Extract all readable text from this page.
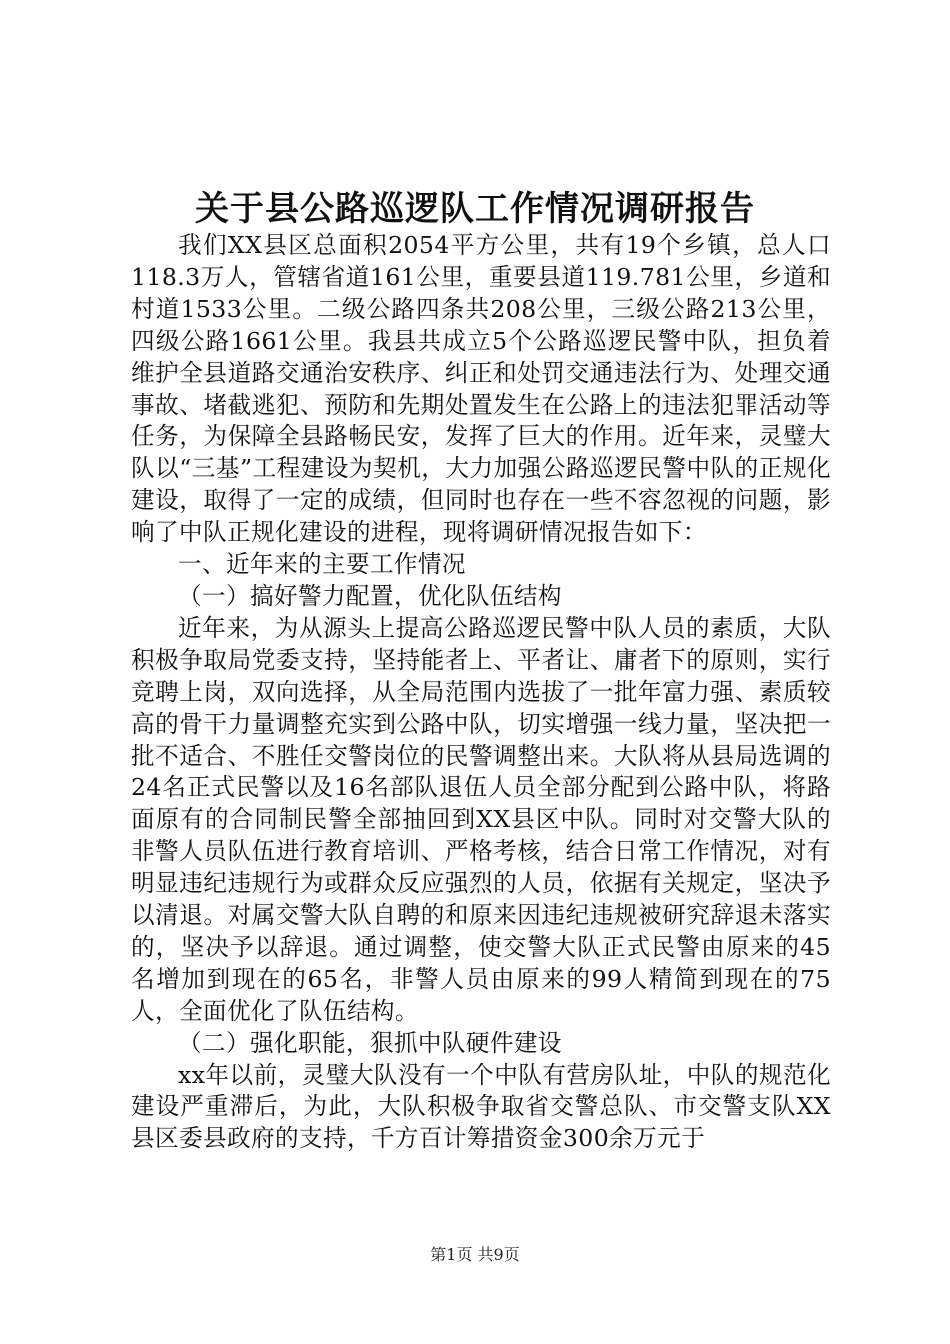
关于县公路巡逻队工作情况调研报告

我们XX县区总面积2054平方公里，共有19个乡镇，总人口118.3万人，管辖省道161公里，重要县道119.781公里，乡道和村道1533公里。二级公路四条共208公里，三级公路213公里，四级公路1661公里。我县共成立5个公路巡逻民警中队，担负着维护全县道路交通治安秩序、纠正和处罚交通违法行为、处理交通事故、堵截逃犯、预防和先期处置发生在公路上的违法犯罪活动等任务，为保障全县路畅民安，发挥了巨大的作用。近年来，灵璧大队以“三基”工程建设为契机，大力加强公路巡逻民警中队的正规化建设，取得了一定的成绩，但同时也存在一些不容忽视的问题，影响了中队正规化建设的进程，现将调研情况报告如下：

一、近年来的主要工作情况

（一）搞好警力配置，优化队伍结构

近年来，为从源头上提高公路巡逻民警中队人员的素质，大队积极争取局党委支持，坚持能者上、平者让、庸者下的原则，实行竞聘上岗，双向选择，从全局范围内选拔了一批年富力强、素质较高的骨干力量调整充实到公路中队，切实增强一线力量，坚决把一批不适合、不胜任交警岗位的民警调整出来。大队将从县局选调的24名正式民警以及16名部队退伍人员全部分配到公路中队，将路面原有的合同制民警全部抽回到XX县区中队。同时对交警大队的非警人员队伍进行教育培训、严格考核，结合日常工作情况，对有明显违纪违规行为或群众反应强烈的人员，依据有关规定，坚决予以清退。对属交警大队自聘的和原来因违纪违规被研究辞退未落实的，坚决予以辞退。通过调整，使交警大队正式民警由原来的45名增加到现在的65名，非警人员由原来的99人精简到现在的75人，全面优化了队伍结构。

（二）强化职能，狠抓中队硬件建设

xx年以前，灵璧大队没有一个中队有营房队址，中队的规范化建设严重滞后，为此，大队积极争取省交警总队、市交警支队XX县区委县政府的支持，千方百计筹措资金300余万元于

第1页 共9页
